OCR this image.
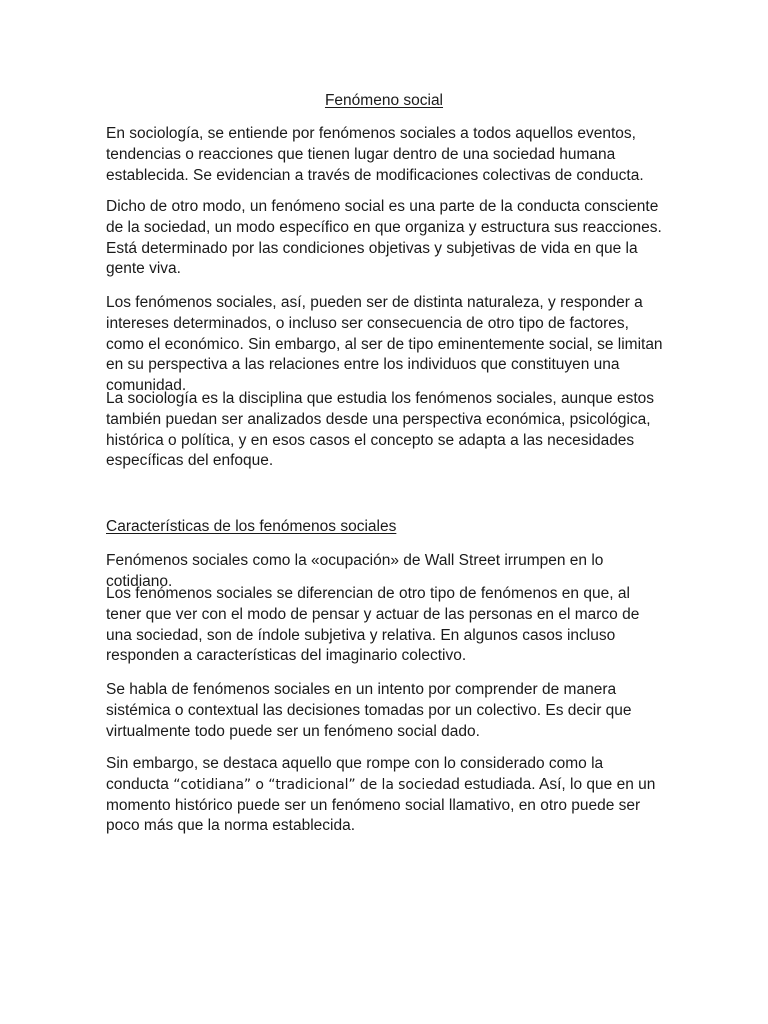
Fenómeno social

En sociología, se entiende por fenómenos sociales a todos aquellos eventos, tendencias o reacciones que tienen lugar dentro de una sociedad humana establecida. Se evidencian a través de modificaciones colectivas de conducta.

Dicho de otro modo, un fenómeno social es una parte de la conducta consciente de la sociedad, un modo específico en que organiza y estructura sus reacciones. Está determinado por las condiciones objetivas y subjetivas de vida en que la gente viva.

Los fenómenos sociales, así, pueden ser de distinta naturaleza, y responder a intereses determinados, o incluso ser consecuencia de otro tipo de factores, como el económico. Sin embargo, al ser de tipo eminentemente social, se limitan en su perspectiva a las relaciones entre los individuos que constituyen una comunidad.

La sociología es la disciplina que estudia los fenómenos sociales, aunque estos también puedan ser analizados desde una perspectiva económica, psicológica, histórica o política, y en esos casos el concepto se adapta a las necesidades específicas del enfoque.

Características de los fenómenos sociales

Fenómenos sociales como la «ocupación» de Wall Street irrumpen en lo cotidiano.

Los fenómenos sociales se diferencian de otro tipo de fenómenos en que, al tener que ver con el modo de pensar y actuar de las personas en el marco de una sociedad, son de índole subjetiva y relativa. En algunos casos incluso responden a características del imaginario colectivo.

Se habla de fenómenos sociales en un intento por comprender de manera sistémica o contextual las decisiones tomadas por un colectivo. Es decir que virtualmente todo puede ser un fenómeno social dado.

Sin embargo, se destaca aquello que rompe con lo considerado como la conducta “cotidiana” o “tradicional” de la sociedad estudiada. Así, lo que en un momento histórico puede ser un fenómeno social llamativo, en otro puede ser poco más que la norma establecida.
